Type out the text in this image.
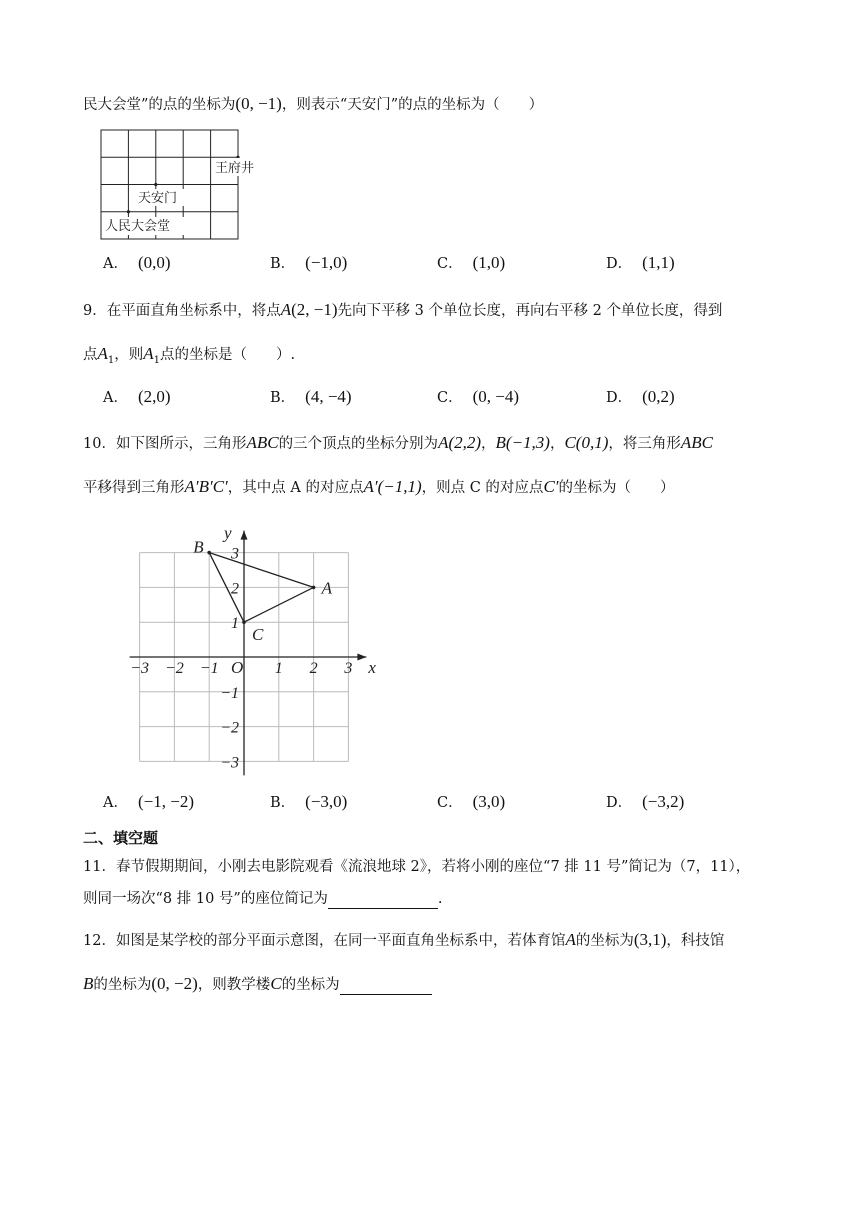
民大会堂”的点的坐标为(0, −1)，则表示“天安门”的点的坐标为（　　）
王府井
天安门
人民大会堂
A． (0,0)	B． (−1,0)	C． (1,0)	D． (1,1)
9．在平面直角坐标系中，将点A(2, −1)先向下平移 3 个单位长度，再向右平移 2 个单位长度，得到
点$A_1$，则$A_1$点的坐标是（　　）.
A． (2,0)	B． (4, −4)	C． (0, −4)	D． (0,2)
10．如下图所示，三角形ABC的三个顶点的坐标分别为A(2,2)，B(−1,3)，C(0,1)，将三角形ABC
平移得到三角形A′B′C′，其中点 A 的对应点A′(−1,1)，则点 C 的对应点C′的坐标为（　　）
x
y
−3 −2 −1	1 2 3
3
2
1
−1
−2
−3
O
A
B
C
A． (−1, −2)	B． (−3,0)	C． (3,0)	D． (−3,2)
二、填空题
11．春节假期期间，小刚去电影院观看《流浪地球 2》，若将小刚的座位“7 排 11 号”简记为（7，11），
则同一场次“8 排 10 号”的座位简记为	.
12．如图是某学校的部分平面示意图，在同一平面直角坐标系中，若体育馆A的坐标为(3,1)，科技馆
B的坐标为(0, −2)，则教学楼C的坐标为
